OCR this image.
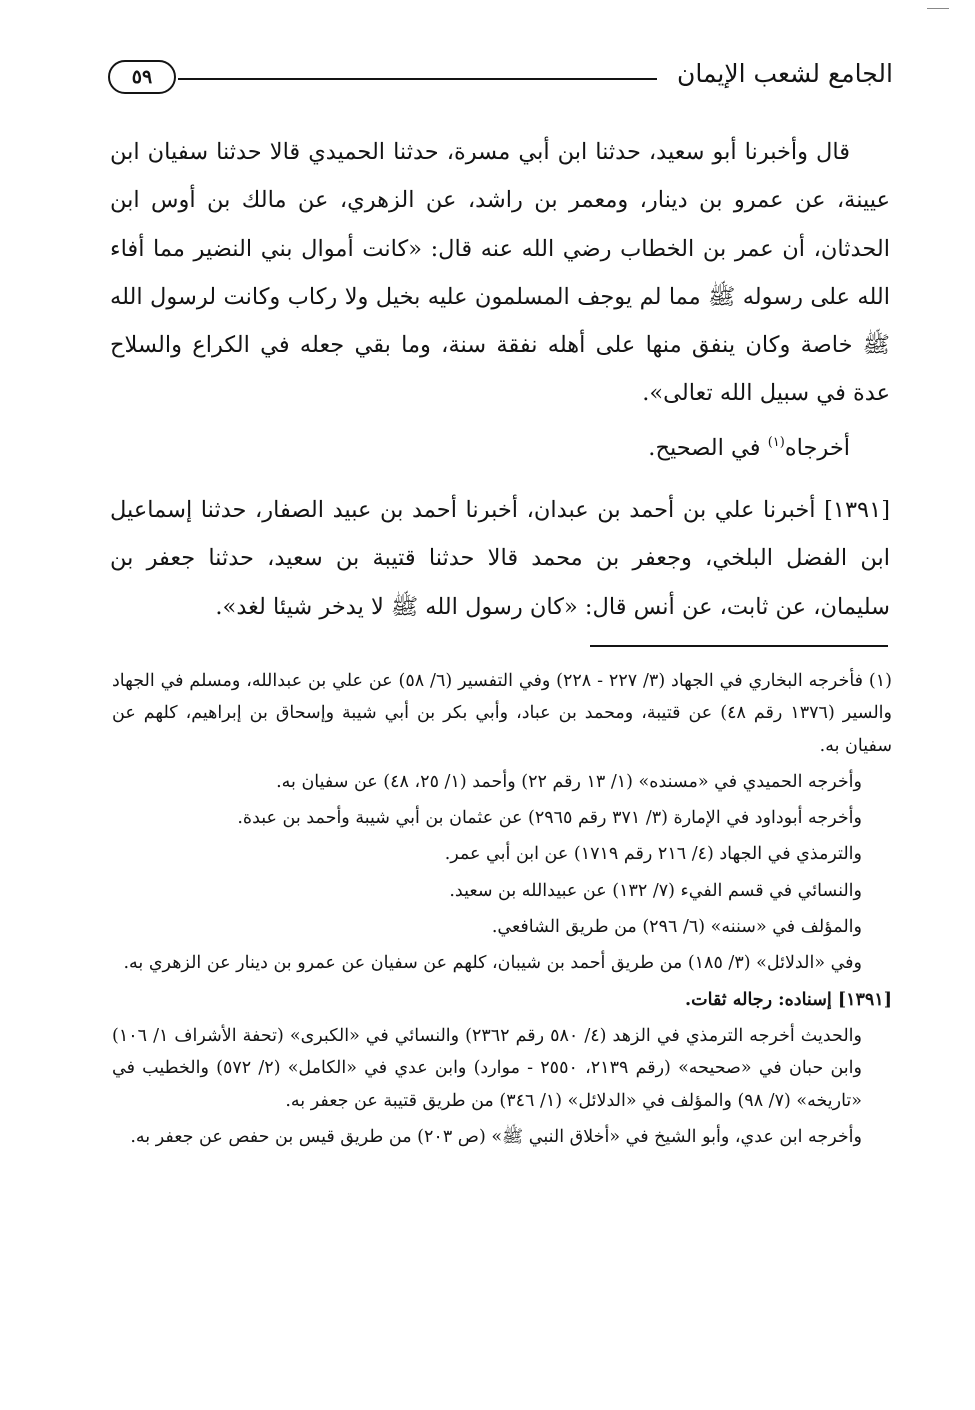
الجامع لشعب الإيمان
٥٩

قال وأخبرنا أبو سعيد، حدثنا ابن أبي مسرة، حدثنا الحميدي قالا حدثنا سفيان ابن عيينة، عن عمرو بن دينار، ومعمر بن راشد، عن الزهري، عن مالك بن أوس ابن الحدثان، أن عمر بن الخطاب رضي الله عنه قال: «كانت أموال بني النضير مما أفاء الله على رسوله ﷺ مما لم يوجف المسلمون عليه بخيل ولا ركاب وكانت لرسول الله ﷺ خاصة وكان ينفق منها على أهله نفقة سنة، وما بقي جعله في الكراع والسلاح عدة في سبيل الله تعالى».

أخرجاه$^{(١)}$ في الصحيح.

[١٣٩١] أخبرنا علي بن أحمد بن عبدان، أخبرنا أحمد بن عبيد الصفار، حدثنا إسماعيل ابن الفضل البلخي، وجعفر بن محمد قالا حدثنا قتيبة بن سعيد، حدثنا جعفر بن سليمان، عن ثابت، عن أنس قال: «كان رسول الله ﷺ لا يدخر شيئا لغد».

(١) فأخرجه البخاري في الجهاد (٣/ ٢٢٧ - ٢٢٨) وفي التفسير (٦/ ٥٨) عن علي بن عبدالله، ومسلم في الجهاد والسير (١٣٧٦ رقم ٤٨) عن قتيبة، ومحمد بن عباد، وأبي بكر بن أبي شيبة وإسحاق بن إبراهيم، كلهم عن سفيان به.

وأخرجه الحميدي في «مسنده» (١/ ١٣ رقم ٢٢) وأحمد (١/ ٢٥، ٤٨) عن سفيان به.

وأخرجه أبوداود في الإمارة (٣/ ٣٧١ رقم ٢٩٦٥) عن عثمان بن أبي شيبة وأحمد بن عبدة.

والترمذي في الجهاد (٤/ ٢١٦ رقم ١٧١٩) عن ابن أبي عمر.

والنسائي في قسم الفيء (٧/ ١٣٢) عن عبيدالله بن سعيد.

والمؤلف في «سننه» (٦/ ٢٩٦) من طريق الشافعي.

وفي «الدلائل» (٣/ ١٨٥) من طريق أحمد بن شيبان، كلهم عن سفيان عن عمرو بن دينار عن الزهري به.

[١٣٩١] إسناده: رجاله ثقات.

والحديث أخرجه الترمذي في الزهد (٤/ ٥٨٠ رقم ٢٣٦٢) والنسائي في «الكبرى» (تحفة الأشراف ١/ ١٠٦) وابن حبان في «صحيحه» (رقم ٢١٣٩، ٢٥٥٠ - موارد) وابن عدي في «الكامل» (٢/ ٥٧٢) والخطيب في «تاريخه» (٧/ ٩٨) والمؤلف في «الدلائل» (١/ ٣٤٦) من طريق قتيبة عن جعفر به.

وأخرجه ابن عدي، وأبو الشيخ في «أخلاق النبي ﷺ» (ص ٢٠٣) من طريق قيس بن حفص عن جعفر به.
